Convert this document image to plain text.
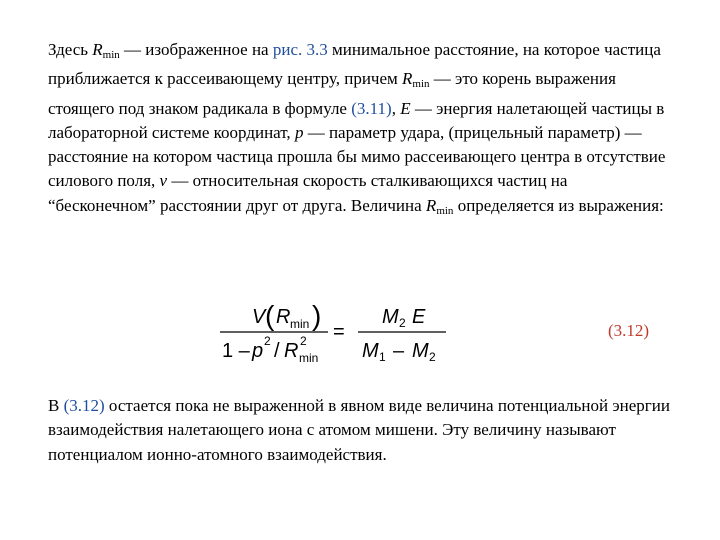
Здесь $R_{min}$ — изображенное на рис. 3.3 минимальное расстояние, на которое частица приближается к рассеивающему центру, причем $R_{min}$ — это корень выражения стоящего под знаком радикала в формуле (3.11), E — энергия налетающей частицы в лабораторной системе координат, p — параметр удара, (прицельный параметр) — расстояние на котором частица прошла бы мимо рассеивающего центра в отсутствие силового поля, v — относительная скорость сталкивающихся частиц на “бесконечном” расстоянии друг от друга. Величина $R_{min}$ определяется из выражения:

V ( R min )
1 – p 2 / R 2
min
=
M 2 E
M 1 – M 2
(3.12)

В (3.12) остается пока не выраженной в явном виде величина потенциальной энергии взаимодействия налетающего иона с атомом мишени. Эту величину называют потенциалом ионно-атомного взаимодействия.
